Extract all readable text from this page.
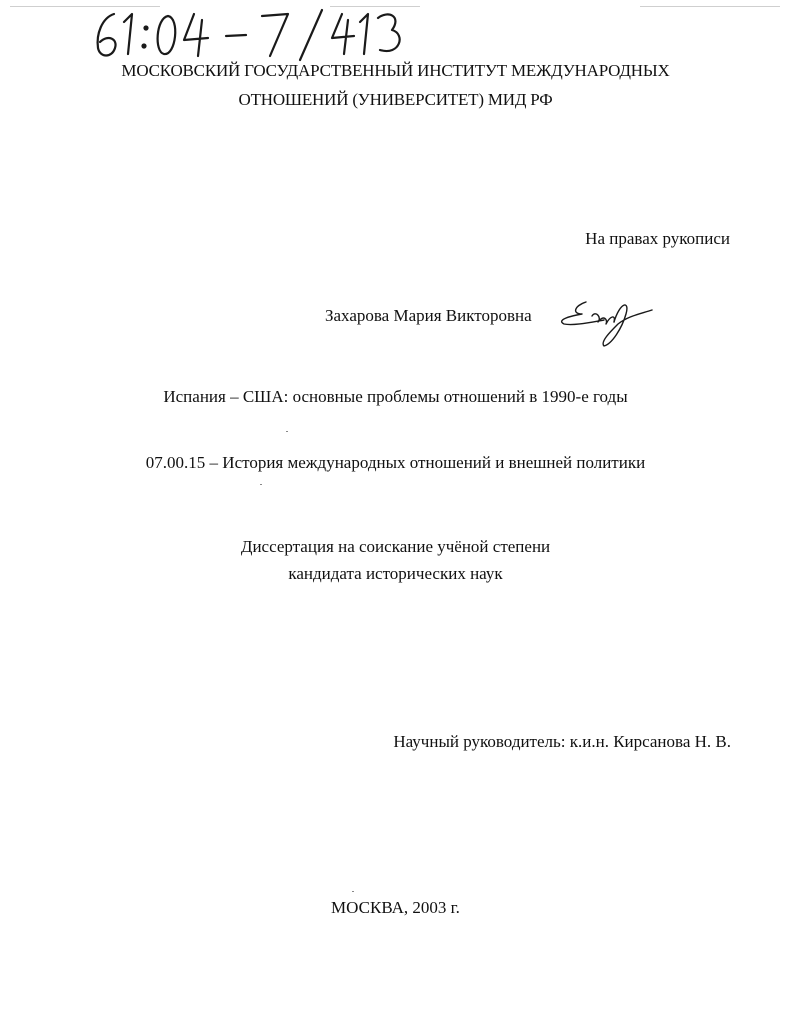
МОСКОВСКИЙ ГОСУДАРСТВЕННЫЙ ИНСТИТУТ МЕЖДУНАРОДНЫХ
ОТНОШЕНИЙ (УНИВЕРСИТЕТ) МИД РФ
На правах рукописи
Захарова Мария Викторовна
Испания – США: основные проблемы отношений в 1990-е годы
07.00.15 – История международных отношений и внешней политики
Диссертация на соискание учёной степени
кандидата исторических наук
Научный руководитель: к.и.н. Кирсанова Н. В.
МОСКВА, 2003 г.
